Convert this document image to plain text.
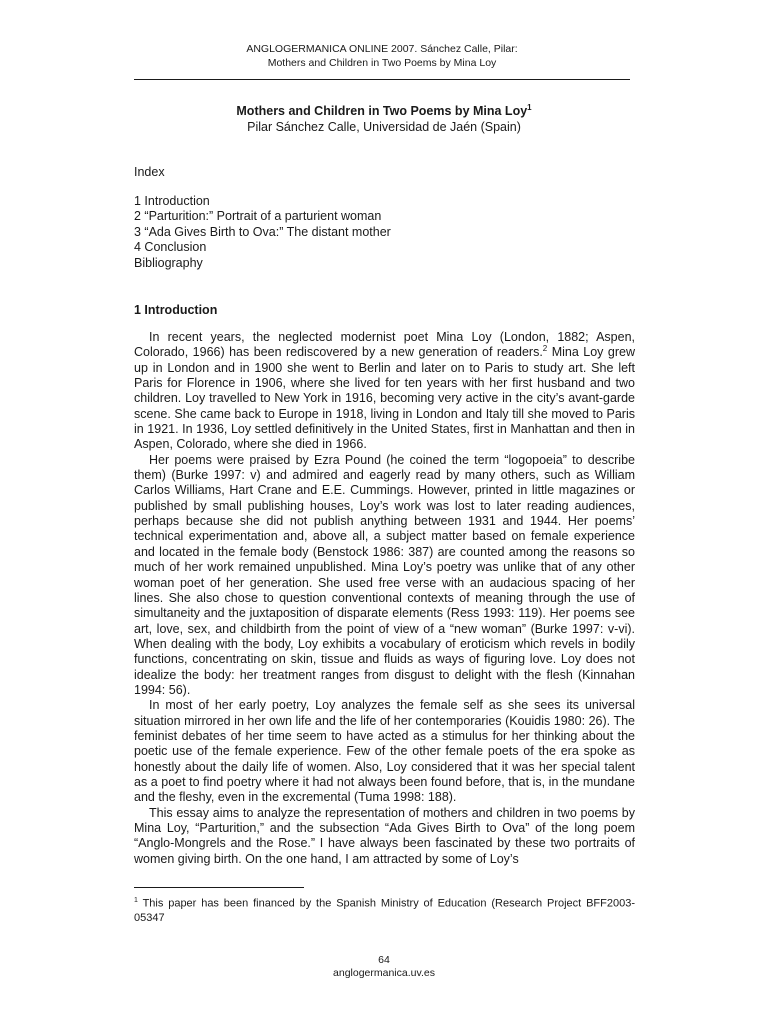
ANGLOGERMANICA ONLINE 2007. Sánchez Calle, Pilar:
Mothers and Children in Two Poems by Mina Loy
Mothers and Children in Two Poems by Mina Loy$^1$
Pilar Sánchez Calle, Universidad de Jaén (Spain)
Index
1 Introduction
2 “Parturition:” Portrait of a parturient woman
3 “Ada Gives Birth to Ova:” The distant mother
4 Conclusion
Bibliography
1 Introduction

In recent years, the neglected modernist poet Mina Loy (London, 1882; Aspen, Colorado, 1966) has been rediscovered by a new generation of readers.$^2$ Mina Loy grew up in London and in 1900 she went to Berlin and later on to Paris to study art. She left Paris for Florence in 1906, where she lived for ten years with her first husband and two children. Loy travelled to New York in 1916, becoming very active in the city’s avant-garde scene. She came back to Europe in 1918, living in London and Italy till she moved to Paris in 1921. In 1936, Loy settled definitively in the United States, first in Manhattan and then in Aspen, Colorado, where she died in 1966.

Her poems were praised by Ezra Pound (he coined the term “logopoeia” to describe them) (Burke 1997: v) and admired and eagerly read by many others, such as William Carlos Williams, Hart Crane and E.E. Cummings. However, printed in little magazines or published by small publishing houses, Loy’s work was lost to later reading audiences, perhaps because she did not publish anything between 1931 and 1944. Her poems’ technical experimentation and, above all, a subject matter based on female experience and located in the female body (Benstock 1986: 387) are counted among the reasons so much of her work remained unpublished. Mina Loy’s poetry was unlike that of any other woman poet of her generation. She used free verse with an audacious spacing of her lines. She also chose to question conventional contexts of meaning through the use of simultaneity and the juxtaposition of disparate elements (Ress 1993: 119). Her poems see art, love, sex, and childbirth from the point of view of a “new woman” (Burke 1997: v-vi). When dealing with the body, Loy exhibits a vocabulary of eroticism which revels in bodily functions, concentrating on skin, tissue and fluids as ways of figuring love. Loy does not idealize the body: her treatment ranges from disgust to delight with the flesh (Kinnahan 1994: 56).

In most of her early poetry, Loy analyzes the female self as she sees its universal situation mirrored in her own life and the life of her contemporaries (Kouidis 1980: 26). The feminist debates of her time seem to have acted as a stimulus for her thinking about the poetic use of the female experience. Few of the other female poets of the era spoke as honestly about the daily life of women. Also, Loy considered that it was her special talent as a poet to find poetry where it had not always been found before, that is, in the mundane and the fleshy, even in the excremental (Tuma 1998: 188).

This essay aims to analyze the representation of mothers and children in two poems by Mina Loy, “Parturition,” and the subsection “Ada Gives Birth to Ova” of the long poem “Anglo-Mongrels and the Rose.” I have always been fascinated by these two portraits of women giving birth. On the one hand, I am attracted by some of Loy’s

$^1$ This paper has been financed by the Spanish Ministry of Education (Research Project BFF2003-05347
64
anglogermanica.uv.es
